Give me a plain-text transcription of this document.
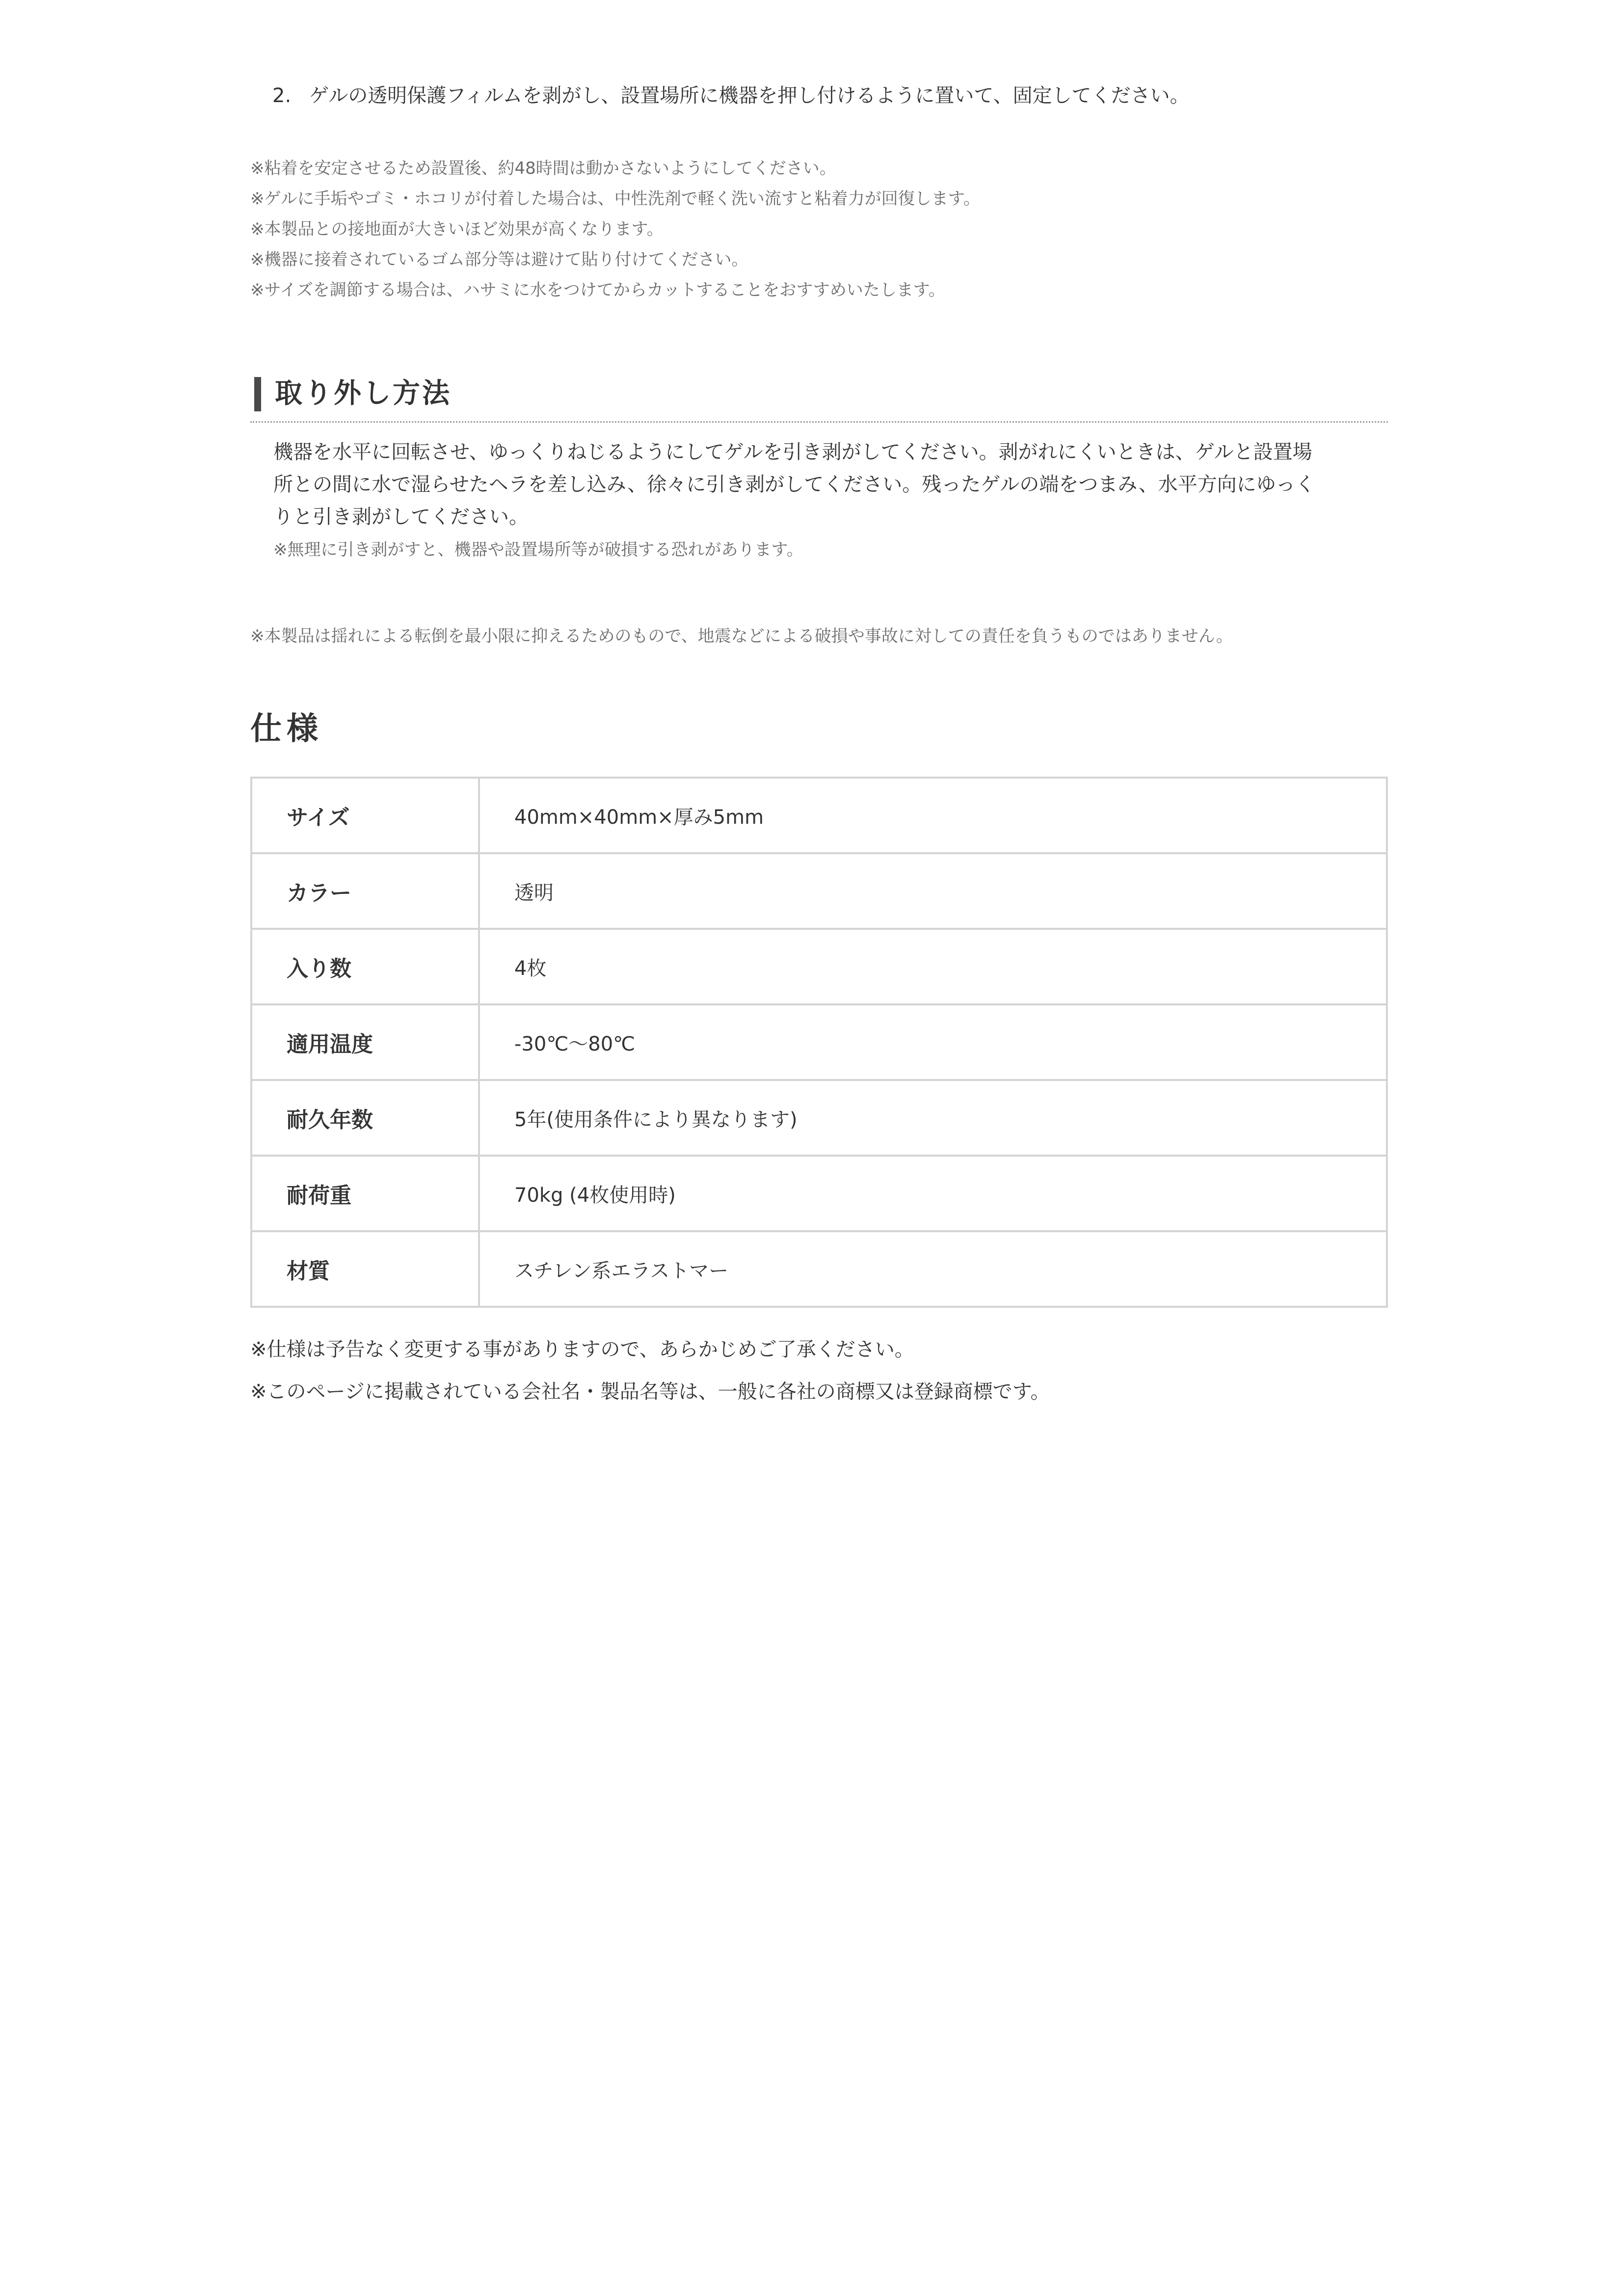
2. ゲルの透明保護フィルムを剥がし、設置場所に機器を押し付けるように置いて、固定してください。
※粘着を安定させるため設置後、約48時間は動かさないようにしてください。
※ゲルに手垢やゴミ・ホコリが付着した場合は、中性洗剤で軽く洗い流すと粘着力が回復します。
※本製品との接地面が大きいほど効果が高くなります。
※機器に接着されているゴム部分等は避けて貼り付けてください。
※サイズを調節する場合は、ハサミに水をつけてからカットすることをおすすめいたします。
取り外し方法
機器を水平に回転させ、ゆっくりねじるようにしてゲルを引き剥がしてください。剥がれにくいときは、ゲルと設置場
所との間に水で湿らせたヘラを差し込み、徐々に引き剥がしてください。残ったゲルの端をつまみ、水平方向にゆっく
りと引き剥がしてください。
※無理に引き剥がすと、機器や設置場所等が破損する恐れがあります。
※本製品は揺れによる転倒を最小限に抑えるためのもので、地震などによる破損や事故に対しての責任を負うものではありません。
仕様
サイズ	40mm×40mm×厚み5mm
カラー	透明
入り数	4枚
適用温度	-30℃～80℃
耐久年数	5年(使用条件により異なります)
耐荷重	70kg (4枚使用時)
材質	スチレン系エラストマー
※仕様は予告なく変更する事がありますので、あらかじめご了承ください。
※このページに掲載されている会社名・製品名等は、一般に各社の商標又は登録商標です。
